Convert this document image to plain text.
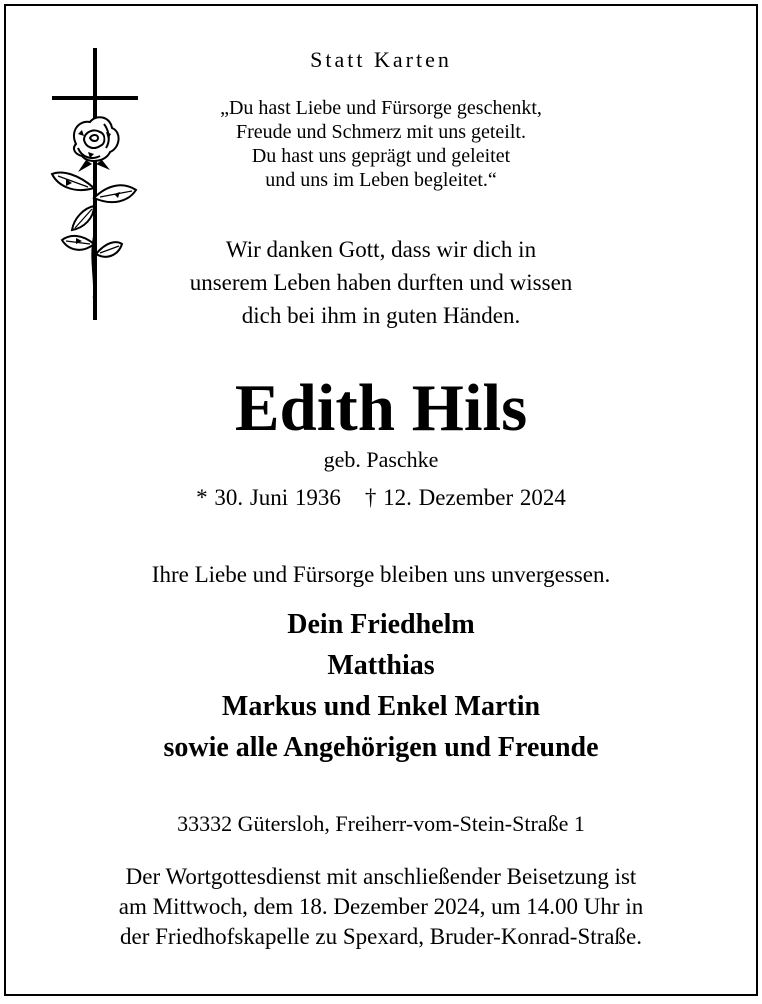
Statt Karten
„Du hast Liebe und Fürsorge geschenkt,
Freude und Schmerz mit uns geteilt.
Du hast uns geprägt und geleitet
und uns im Leben begleitet.“
Wir danken Gott, dass wir dich in
unserem Leben haben durften und wissen
dich bei ihm in guten Händen.
Edith Hils
geb. Paschke
* 30. Juni 1936 † 12. Dezember 2024
Ihre Liebe und Fürsorge bleiben uns unvergessen.
Dein Friedhelm
Matthias
Markus und Enkel Martin
sowie alle Angehörigen und Freunde
33332 Gütersloh, Freiherr-vom-Stein-Straße 1
Der Wortgottesdienst mit anschließender Beisetzung ist
am Mittwoch, dem 18. Dezember 2024, um 14.00 Uhr in
der Friedhofskapelle zu Spexard, Bruder-Konrad-Straße.
